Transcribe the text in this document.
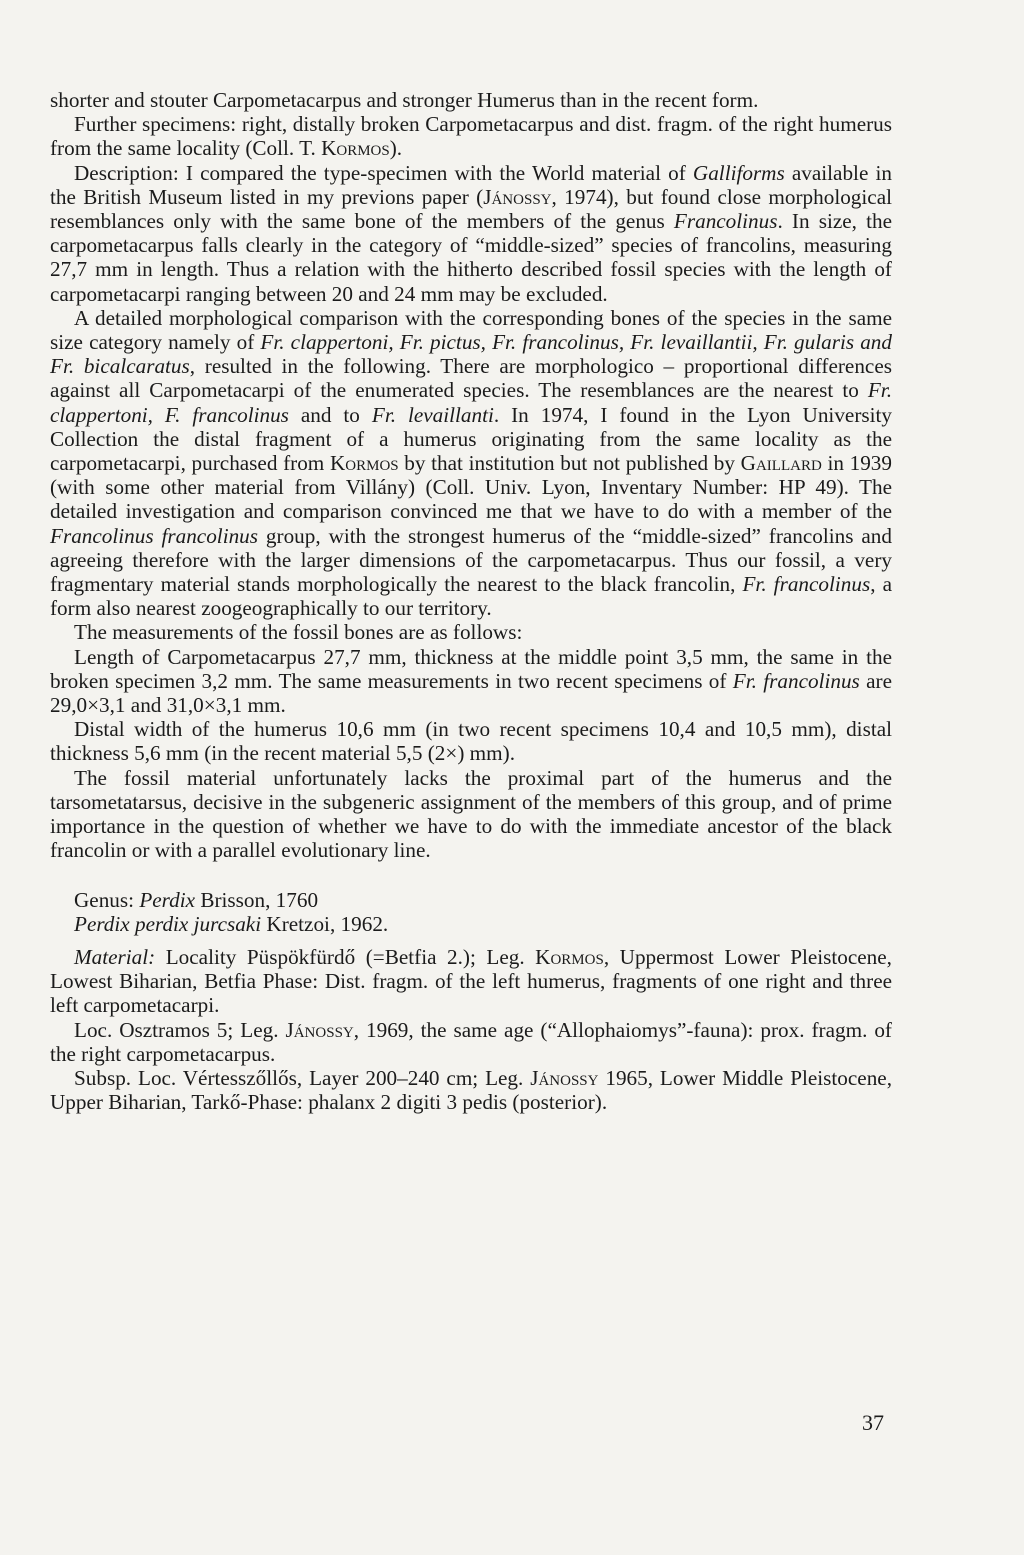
shorter and stouter Carpometacarpus and stronger Humerus than in the recent form.

Further specimens: right, distally broken Carpometacarpus and dist. fragm. of the right humerus from the same locality (Coll. T. Kormos).

Description: I compared the type-specimen with the World material of Galliforms available in the British Museum listed in my previons paper (Jánossy, 1974), but found close morphological resemblances only with the same bone of the members of the genus Francolinus. In size, the carpometacarpus falls clearly in the category of “middle-sized” species of francolins, measuring 27,7 mm in length. Thus a relation with the hitherto described fossil species with the length of carpometacarpi ranging between 20 and 24 mm may be excluded.

A detailed morphological comparison with the corresponding bones of the species in the same size category namely of Fr. clappertoni, Fr. pictus, Fr. francolinus, Fr. levaillantii, Fr. gularis and Fr. bicalcaratus, resulted in the following. There are morphologico – proportional differences against all Carpometacarpi of the enumerated species. The resemblances are the nearest to Fr. clappertoni, F. francolinus and to Fr. levaillanti. In 1974, I found in the Lyon University Collection the distal fragment of a humerus originating from the same locality as the carpometacarpi, purchased from Kormos by that institution but not published by Gaillard in 1939 (with some other material from Villány) (Coll. Univ. Lyon, Inventary Number: HP 49). The detailed investigation and comparison convinced me that we have to do with a member of the Francolinus francolinus group, with the strongest humerus of the “middle-sized” francolins and agreeing therefore with the larger dimensions of the carpometacarpus. Thus our fossil, a very fragmentary material stands morphologically the nearest to the black francolin, Fr. francolinus, a form also nearest zoogeographically to our territory.

The measurements of the fossil bones are as follows:

Length of Carpometacarpus 27,7 mm, thickness at the middle point 3,5 mm, the same in the broken specimen 3,2 mm. The same measurements in two recent specimens of Fr. francolinus are 29,0×3,1 and 31,0×3,1 mm.

Distal width of the humerus 10,6 mm (in two recent specimens 10,4 and 10,5 mm), distal thickness 5,6 mm (in the recent material 5,5 (2×) mm).

The fossil material unfortunately lacks the proximal part of the humerus and the tarsometatarsus, decisive in the subgeneric assignment of the members of this group, and of prime importance in the question of whether we have to do with the immediate ancestor of the black francolin or with a parallel evolutionary line.

Genus: Perdix Brisson, 1760

Perdix perdix jurcsaki Kretzoi, 1962.

Material: Locality Püspökfürdő (=Betfia 2.); Leg. Kormos, Uppermost Lower Pleistocene, Lowest Biharian, Betfia Phase: Dist. fragm. of the left humerus, fragments of one right and three left carpometacarpi.

Loc. Osztramos 5; Leg. Jánossy, 1969, the same age (“Allophaiomys”-fauna): prox. fragm. of the right carpometacarpus.

Subsp. Loc. Vértesszőllős, Layer 200–240 cm; Leg. Jánossy 1965, Lower Middle Pleistocene, Upper Biharian, Tarkő-Phase: phalanx 2 digiti 3 pedis (posterior).

37
